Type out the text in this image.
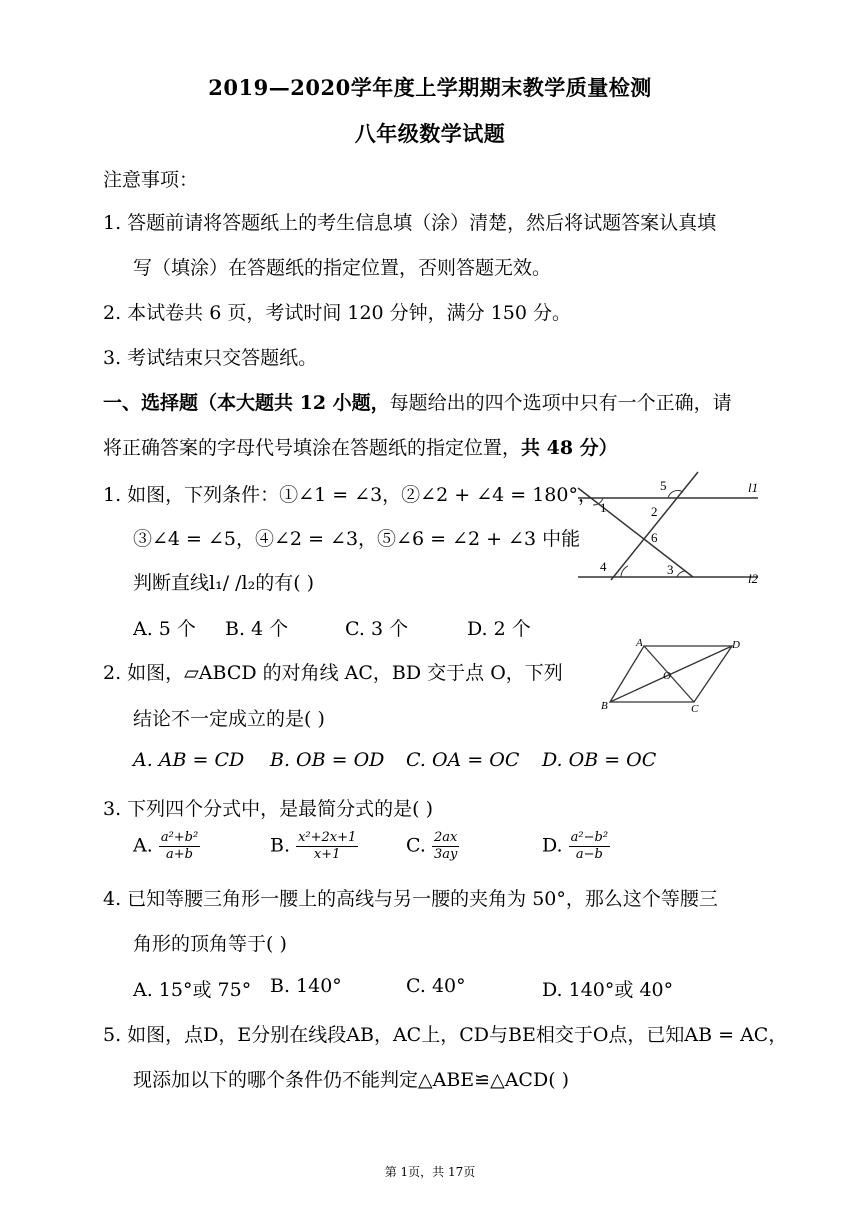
2019—2020学年度上学期期末教学质量检测
八年级数学试题
注意事项：
1. 答题前请将答题纸上的考生信息填（涂）清楚，然后将试题答案认真填
写（填涂）在答题纸的指定位置，否则答题无效。
2. 本试卷共 6 页，考试时间 120 分钟，满分 150 分。
3. 考试结束只交答题纸。
一、选择题（本大题共 12 小题，每题给出的四个选项中只有一个正确，请
将正确答案的字母代号填涂在答题纸的指定位置，共 48 分）
1. 如图，下列条件：①∠1 = ∠3，②∠2 + ∠4 = 180°，
③∠4 = ∠5，④∠2 = ∠3，⑤∠6 = ∠2 + ∠3 中能
判断直线l₁/ /l₂的有( )
A. 5 个 B. 4 个	C. 3 个	D. 2 个
5	l1
1	2
6
4	3
l2
2. 如图，▱ABCD 的对角线 AC，BD 交于点 O，下列
结论不一定成立的是( )
A. AB = CD B. OB = OD C. OA = OC D. OB = OC
A	D
O
B	C
3. 下列四个分式中，是最简分式的是( )
A. $\frac{\text{a²+b²}}{a+b}$	B. $\frac{\text{x²+2x+1}}{x+1}$	C. $\frac{2ax}{3ay}$	D. $\frac{\text{a²−b²}}{a-b}$
4. 已知等腰三角形一腰上的高线与另一腰的夹角为 50°，那么这个等腰三
角形的顶角等于( )
A. 15°或 75° B. 140°	C. 40°	D. 140°或 40°
5. 如图，点D，E分别在线段AB，AC上，CD与BE相交于O点，已知AB = AC，
现添加以下的哪个条件仍不能判定△ABE≌△ACD( )
第 1页，共 17页
